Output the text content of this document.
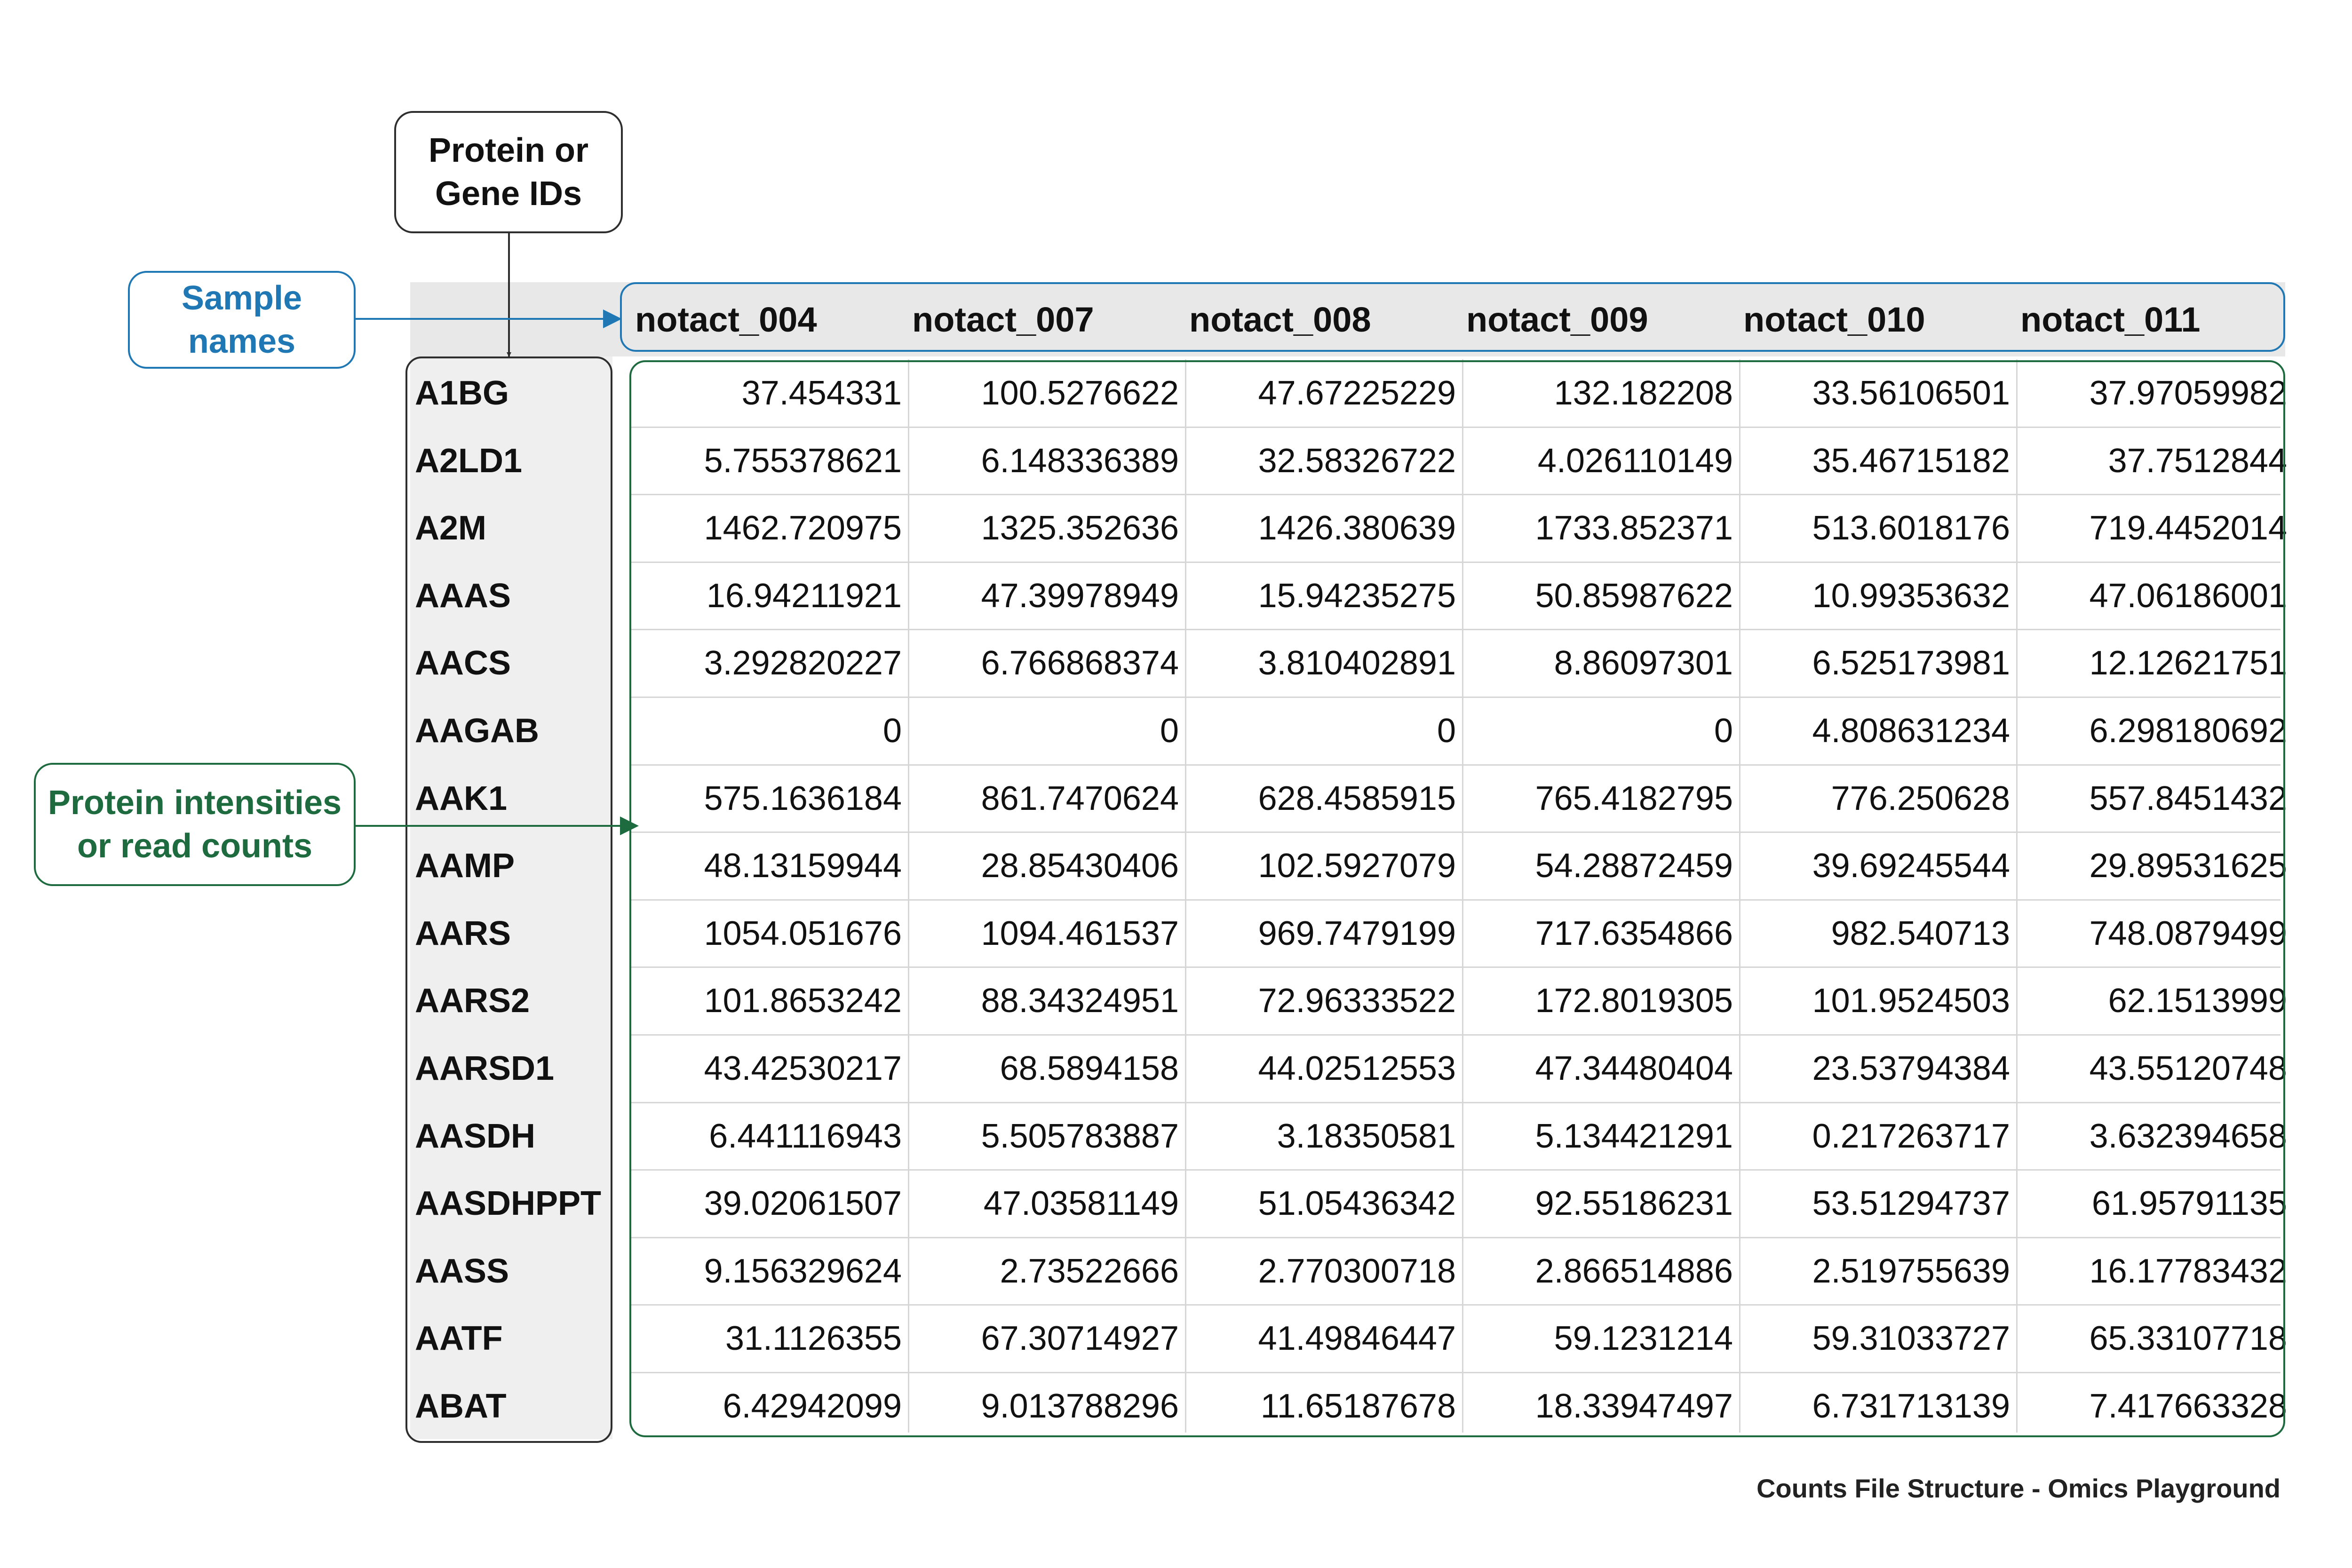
notact_004	notact_007	notact_008	notact_009	notact_010	notact_011
A1BG	37.454331	100.5276622	47.67225229	132.182208	33.56106501	37.97059982
A2LD1	5.755378621	6.148336389	32.58326722	4.026110149	35.46715182	37.7512844
A2M	1462.720975	1325.352636	1426.380639	1733.852371	513.6018176	719.4452014
AAAS	16.94211921	47.39978949	15.94235275	50.85987622	10.99353632	47.06186001
AACS	3.292820227	6.766868374	3.810402891	8.86097301	6.525173981	12.12621751
AAGAB	0	0	0	0	4.808631234	6.298180692
AAK1	575.1636184	861.7470624	628.4585915	765.4182795	776.250628	557.8451432
AAMP	48.13159944	28.85430406	102.5927079	54.28872459	39.69245544	29.89531625
AARS	1054.051676	1094.461537	969.7479199	717.6354866	982.540713	748.0879499
AARS2	101.8653242	88.34324951	72.96333522	172.8019305	101.9524503	62.1513999
AARSD1	43.42530217	68.5894158	44.02512553	47.34480404	23.53794384	43.55120748
AASDH	6.441116943	5.505783887	3.18350581	5.134421291	0.217263717	3.632394658
AASDHPPT	39.02061507	47.03581149	51.05436342	92.55186231	53.51294737	61.95791135
AASS	9.156329624	2.73522666	2.770300718	2.866514886	2.519755639	16.17783432
AATF	31.1126355	67.30714927	41.49846447	59.1231214	59.31033727	65.33107718
ABAT	6.42942099	9.013788296	11.65187678	18.33947497	6.731713139	7.417663328
Protein or
Gene IDs
Sample
names
Protein intensities
or read counts
Counts File Structure - Omics Playground
